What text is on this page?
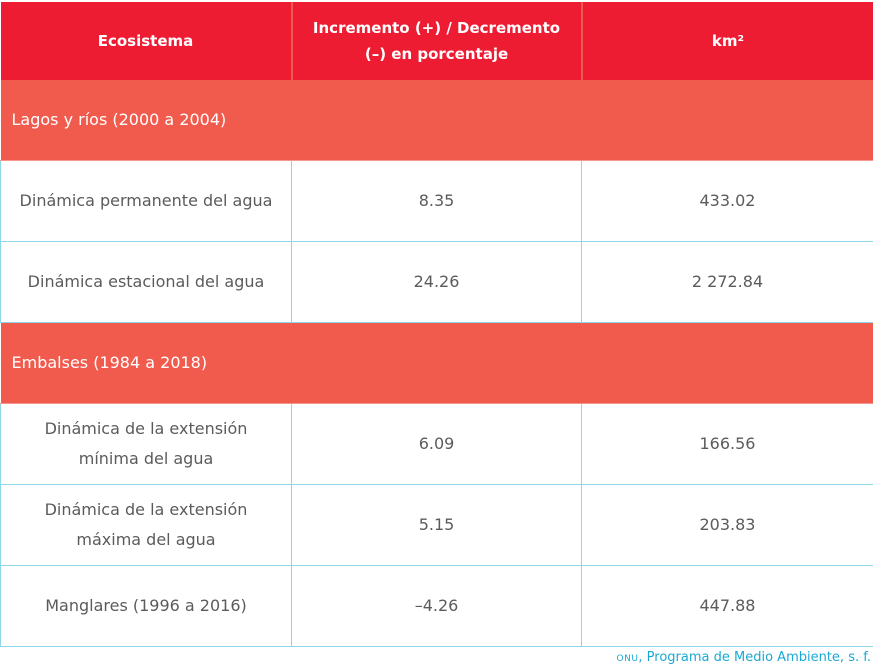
Ecosistema	Incremento (+) / Decremento (–) en porcentaje	km²
Lagos y ríos (2000 a 2004)		
Dinámica permanente del agua	8.35	433.02
Dinámica estacional del agua	24.26	2 272.84
Embalses (1984 a 2018)		
Dinámica de la extensión mínima del agua	6.09	166.56
Dinámica de la extensión máxima del agua	5.15	203.83
Manglares (1996 a 2016)	–4.26	447.88
ONU, Programa de Medio Ambiente, s. f.
